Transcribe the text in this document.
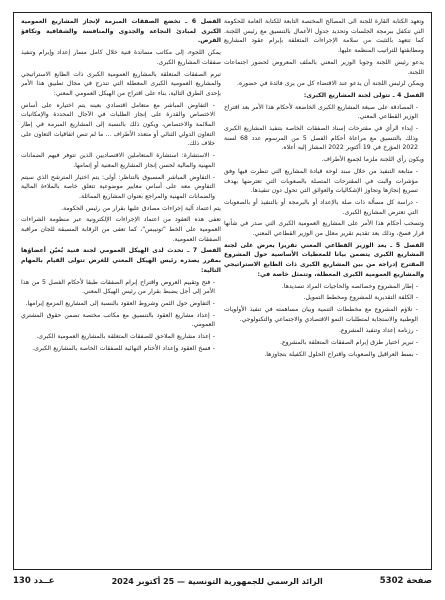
وتعهد الكتابة القارة للجنة الى المصالح المختصة التابعة للكتابة العامة للحكومة التي تتكفل ببرمجة الجلسات وتحديد جدول الأعمال بالتنسيق مع رئيس اللجنة. كما تتعهد بالتثبت من سلامة الإجراءات المتعلقة بإبرام عقود المشاريع ومطابقتها للتراتيب المنظمة عليها.

يدعو رئيس اللجنة وجوبا الوزير المعني بالملف المعروض لحضور اجتماعات اللجنة.

ويمكن لرئيس اللجنة أن يدعو عند الاقتضاء كل من يرى فائدة في حضوره.

الفصل 4 ـ تتولى لجنة المشاريع الكبرى:

- المصادقة على صيغة المشاريع الكبرى الخاضعة لأحكام هذا الأمر بعد اقتراح الوزير القطاعي المعني.

- إبداء الرأي في مقترحات إسناد الصفقات الخاصة بتنفيذ المشاريع الكبرى وذلك بالتنسيق مع مراعاة أحكام الفصل 5 من المرسوم عدد 68 لسنة 2022 المؤرخ في 19 أكتوبر 2022 المشار إليه أعلاه.

ويكون رأي اللجنة ملزما لجميع الأطراف.

- متابعة التنفيذ من خلال سند لوحة قيادة المشاريع التي تنظرت فيها وفق مؤشرات والبت في المقترحات المتصلة بالصعوبات التي تعترضها بهدف تسريع إنجازها وتجاوز الإشكاليات والعوائق التي تحول دون تنفيذها.

- دراسة كل مسألة ذات صلة بالإعداد أو بالبرمجة أو بالتنفيذ أو بالصعوبات التي تعترض المشاريع الكبرى.

وتسحب أحكام هذا الأمر على المشاريع العمومية الكبرى التي صدر في شأنها قرار فسخ، وذلك بعد تقديم تقرير معلل من الوزير القطاعي المعني.

الفصل 5 ـ يعد الوزير القطاعي المعني تقريرا يعرض على لجنة المشاريع الكبرى يتضمن بيانا للمعطيات الأساسية حول المشروع المقترح إدراجه من بين المشاريع الكبرى ذات الطابع الاستراتيجي والمشاريع العمومية الكبرى المعطلة، وتتمثل خاصة في:

- إطار المشروع وخصائصه والحاجيات المراد تسديدها.

- الكلفة التقديرية للمشروع ومخطط التمويل.

- تلاؤم المشروع مع مخططات التنمية وبيان مساهمته في تنفيذ الأولويات الوطنية والاستجابة لمتطلبات النمو الاقتصادي والاجتماعي والتكنولوجي.

- رزنامة إعداد وتنفيذ المشروع.

- تبرير اختيار طرق إبرام الصفقات المتعلقة بالمشروع.

- بسط العراقيل والصعوبات واقتراح الحلول الكفيلة بتجاوزها.

الفصل 6 ـ تخضع الصفقات المبرمة لإنجاز المشاريع العمومية الكبرى لمبادئ النجاعة والجدوى والمنافسة والشفافية وتكافؤ الفرص.

يمكن اللجوء، إلى مكاتب مساندة فنية خلال كامل مسار إعداد وإبرام وتنفيذ صفقات المشاريع الكبرى.

تبرم الصفقات المتعلقة بالمشاريع العمومية الكبرى ذات الطابع الاستراتيجي والمشاريع العمومية الكبرى المعطلة التي تندرج في مجال تطبيق هذا الأمر بإحدى الطرق التالية، بناء على اقتراح من الهيكل العمومي المعني:

- التفاوض المباشر مع متعامل اقتصادي بعينه يتم اختياره على أساس الاختصاص والقدرة على إنجاز الطلبات في الآجال المحددة والإمكانيات الملائمة والاختصاص، ويكون ذلك بالنسبة إلى المشاريع المبرمة في إطار التعاون الدولي الثنائي أو متعدد الأطراف ... ما لم تنص اتفاقيات التعاون على خلاف ذلك.

- الاستشارة: استشارة المتعاملين الاقتصاديين الذين تتوفر فيهم الضمانات المهنية والمالية لحسن إنجاز المشاريع المعنية أو إتمامها.

- التفاوض المباشر المسبوق بالتناظر: أولى: يتم اختيار المترشح الذي سيتم التفاوض معه على أساس معايير موضوعية تتعلق خاصة بالملاءة المالية والضمانات المهنية والمراجع بعنوان المشاريع المماثلة.

يتم اعتماد آلية إجراءات مصادق عليها بقرار من رئيس الحكومة.

تعفى هذه العقود من اعتماد الإجراءات الإلكترونية عبر منظومة الشراءات العمومية على الخط "تونيبس"، كما تعفى من الرقابة المسبقة للجان مراقبة الصفقات العمومية.

الفصل 7 ـ تحدث لدى الهيكل العمومي لجنة فنية يُعيّن أعضاؤها بمقرر يصدره رئيس الهيكل المعني للغرض تتولى القيام بالمهام التالية:

- فتح وتقييم العروض واقتراح إبرام الصفقات طبقا لأحكام الفصل 5 من هذا الأمر إلى أجل يضبط بقرار من رئيس الهيكل المعني.

- التفاوض حول الثمن وشروط العقود بالنسبة إلى المشاريع المزمع إبرامها.

- إعداد مشاريع العقود بالتنسيق مع مكاتب مختصة تضمن حقوق المشتري العمومي.

- إعداد مشاريع الملاحق للصفقات المتعلقة بالمشاريع العمومية الكبرى.

- فسخ العقود وإعداد الأختام النهائية للصفقات الخاصة بالمشاريع الكبرى.

صفحة 5302
الرائد الرسمي للجمهورية التونسية — 25 أكتوبر 2024
عــدد 130
